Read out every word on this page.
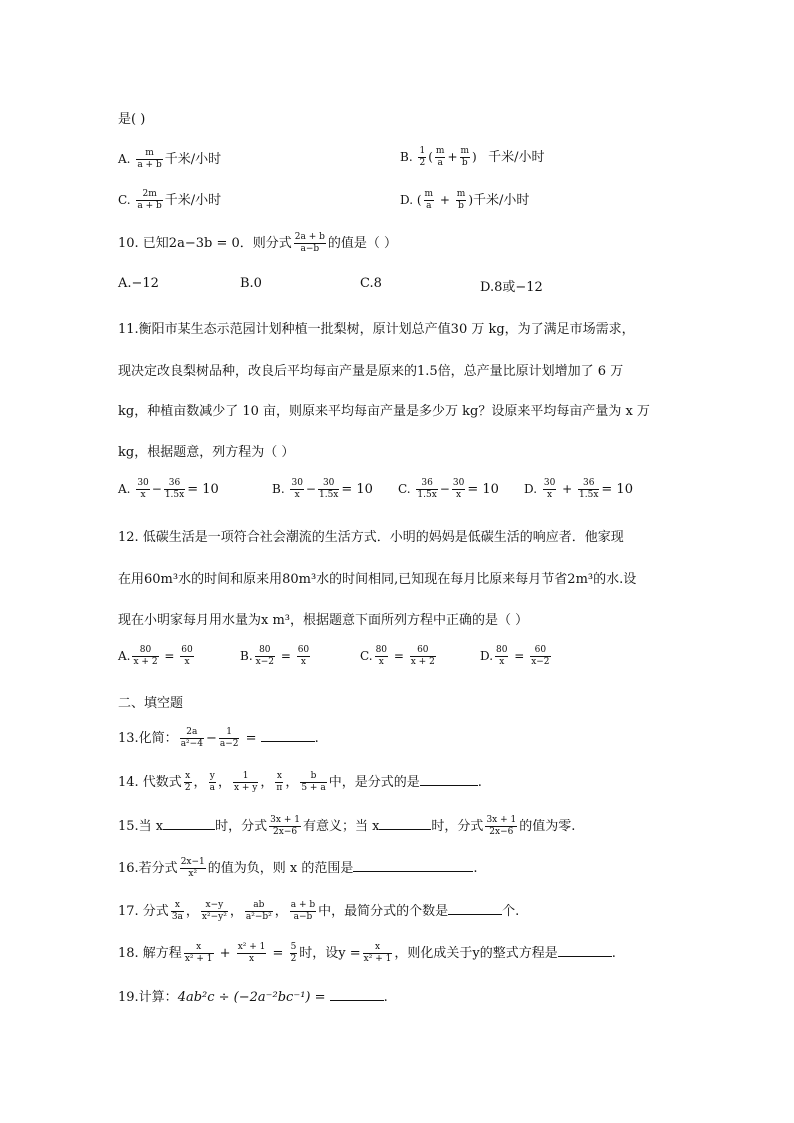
是( )
A. $\frac{m}{a + b}$ 千米/小时	B. $\frac{1}{2}$ ( $\frac{m}{a} + \frac{m}{b}$ )   千米/小时
C. $\frac{2m}{a + b}$ 千米/小时	D. ( $\frac{m}{a} + \frac{m}{b}$ )千米/小时
10. 已知2a−3b = 0．则分式 $\frac{2a + b}{a-b}$ 的值是（ ）
A.−12	B.0	C.8	D.8或−12
11.衡阳市某生态示范园计划种植一批梨树，原计划总产值30 万 kg，为了满足市场需求，
现决定改良梨树品种，改良后平均每亩产量是原来的1.5倍，总产量比原计划增加了 6 万
kg，种植亩数减少了 10 亩，则原来平均每亩产量是多少万 kg？设原来平均每亩产量为 x 万
kg，根据题意，列方程为（ ）
A. $\frac{30}{x} - \frac{36}{1.5x} = 10$	B. $\frac{30}{x} - \frac{30}{1.5x} = 10$ C. $\frac{36}{1.5x} - \frac{30}{x} = 10$ D. $\frac{30}{x} + \frac{36}{1.5x} = 10$
12. 低碳生活是一项符合社会潮流的生活方式．小明的妈妈是低碳生活的响应者．他家现
在用60m³水的时间和原来用80m³水的时间相同,已知现在每月比原来每月节省2m³的水.设
现在小明家每月用水量为x m³，根据题意下面所列方程中正确的是（ ）
A. $\frac{80}{x + 2} = \frac{60}{x}$	B. $\frac{80}{x-2} = \frac{60}{x}$	C. $\frac{80}{x} = \frac{60}{x + 2}$	D. $\frac{80}{x} = \frac{60}{x-2}$
二、填空题
13.化简： $\frac{2a}{\text{a²−4}} - \frac{1}{a-2}$ =	.
14. 代数式 $\frac{x}{2}$ ， $\frac{y}{a}$ ， $\frac{1}{x + y}$ ， $\frac{x}{\pi}$ ， $\frac{b}{5 + a}$ 中，是分式的是	.
15.当 x	时，分式 $\frac{3x + 1}{2x-6}$ 有意义；当 x	时，分式 $\frac{3x + 1}{2x-6}$ 的值为零.
16.若分式 $\frac{2x-1}{\text{x²}}$ 的值为负，则 x 的范围是	.
17. 分式 $\frac{x}{3a}$ ， $\frac{x-y}{\text{x²−y²}}$ ， $\frac{ab}{\text{a²−b²}}$ ， $\frac{a + b}{a-b}$ 中，最简分式的个数是	个.
18. 解方程 $\frac{x}{\text{x² + 1}} + \frac{\text{x² + 1}}{x} = \frac{5}{2}$ 时，设$y = \frac{x}{\text{x² + 1}}$ ，则化成关于y的整式方程是	.
19.计算：4ab²c ÷ (−2a⁻²bc⁻¹) =	.
